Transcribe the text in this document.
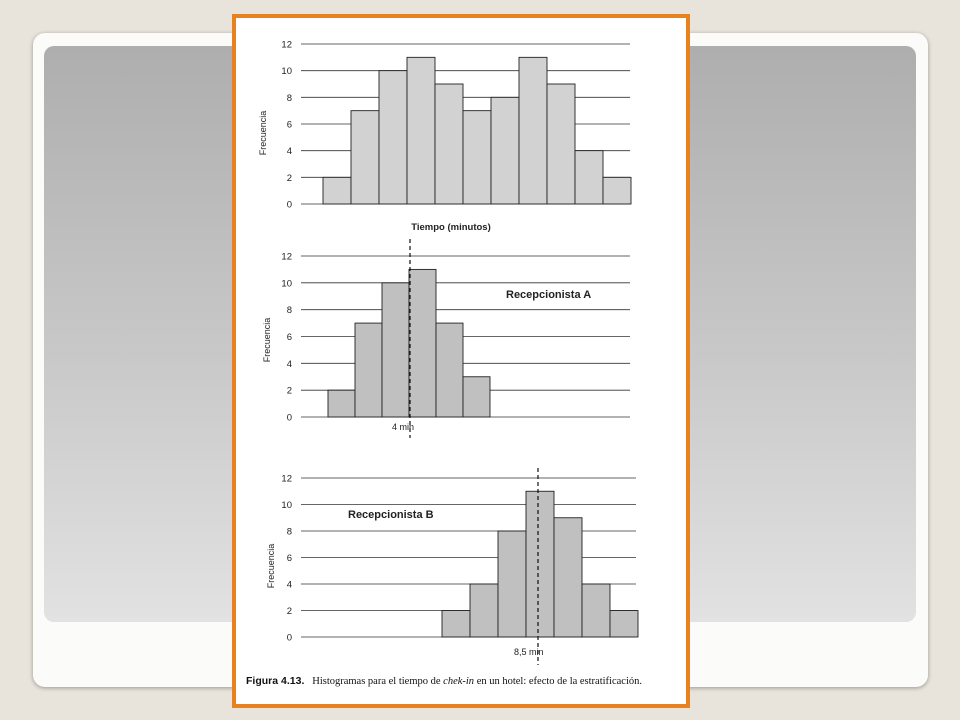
0
2
4
6
8
10
12
Frecuencia
Tiempo (minutos)
0
2
4
6
8
10
12
Frecuencia
Recepcionista A
4 min
0
2
4
6
8
10
12
Frecuencia
Recepcionista B
8,5 min
Figura 4.13. Histogramas para el tiempo de chek-in en un hotel: efecto de la estratificación.
